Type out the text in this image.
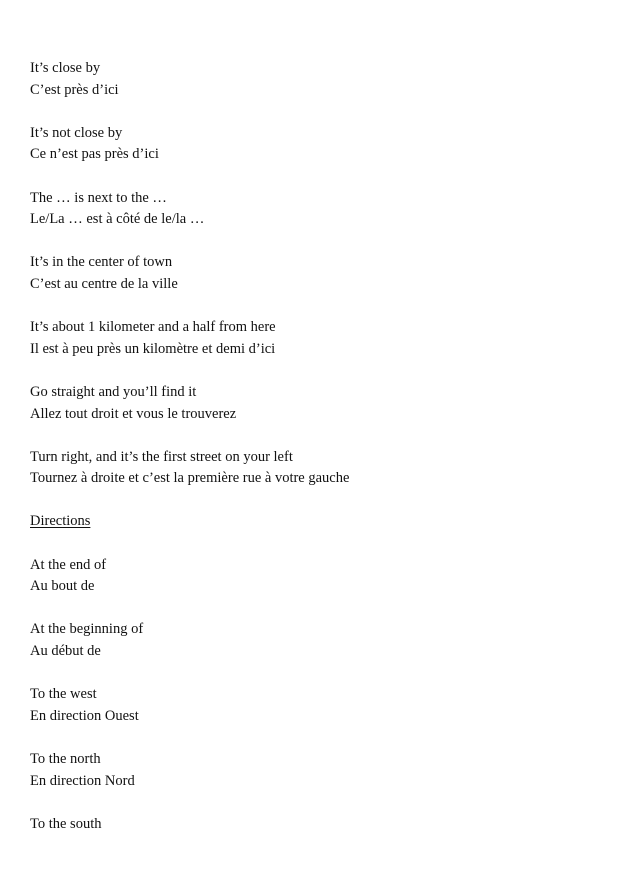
It’s close by
C’est près d’ici
It’s not close by
Ce n’est pas près d’ici
The … is next to the …
Le/La … est à côté de le/la …
It’s in the center of town
C’est au centre de la ville
It’s about 1 kilometer and a half from here
Il est à peu près un kilomètre et demi d’ici
Go straight and you’ll find it
Allez tout droit et vous le trouverez
Turn right, and it’s the first street on your left
Tournez à droite et c’est la première rue à votre gauche
Directions
At the end of
Au bout de
At the beginning of
Au début de
To the west
En direction Ouest
To the north
En direction Nord
To the south
